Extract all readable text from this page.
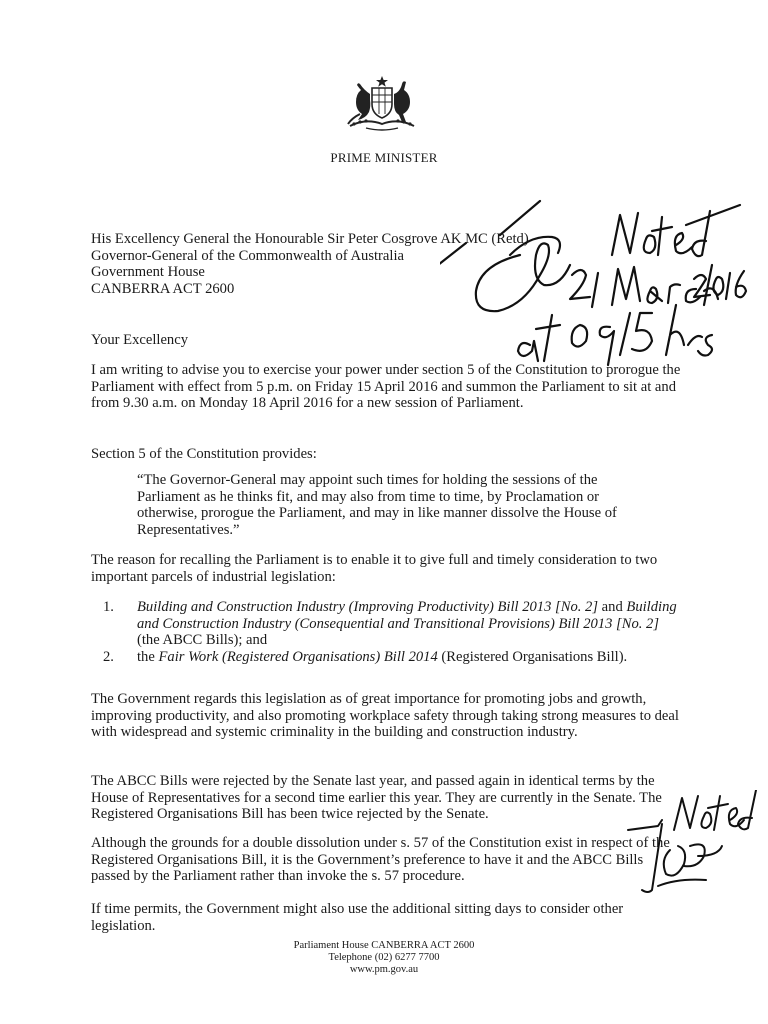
PRIME MINISTER
His Excellency General the Honourable Sir Peter Cosgrove AK MC (Retd)
Governor-General of the Commonwealth of Australia
Government House
CANBERRA ACT 2600
Your Excellency
I am writing to advise you to exercise your power under section 5 of the Constitution to prorogue the Parliament with effect from 5 p.m. on Friday 15 April 2016 and summon the Parliament to sit at and from 9.30 a.m. on Monday 18 April 2016 for a new session of Parliament.
Section 5 of the Constitution provides:
“The Governor-General may appoint such times for holding the sessions of the Parliament as he thinks fit, and may also from time to time, by Proclamation or otherwise, prorogue the Parliament, and may in like manner dissolve the House of Representatives.”
The reason for recalling the Parliament is to enable it to give full and timely consideration to two important parcels of industrial legislation:
1. Building and Construction Industry (Improving Productivity) Bill 2013 [No. 2] and Building and Construction Industry (Consequential and Transitional Provisions) Bill 2013 [No. 2] (the ABCC Bills); and
2. the Fair Work (Registered Organisations) Bill 2014 (Registered Organisations Bill).
The Government regards this legislation as of great importance for promoting jobs and growth, improving productivity, and also promoting workplace safety through taking strong measures to deal with widespread and systemic criminality in the building and construction industry.
The ABCC Bills were rejected by the Senate last year, and passed again in identical terms by the House of Representatives for a second time earlier this year. They are currently in the Senate. The Registered Organisations Bill has been twice rejected by the Senate.
Although the grounds for a double dissolution under s. 57 of the Constitution exist in respect of the Registered Organisations Bill, it is the Government’s preference to have it and the ABCC Bills passed by the Parliament rather than invoke the s. 57 procedure.
If time permits, the Government might also use the additional sitting days to consider other legislation.
Parliament House CANBERRA ACT 2600
Telephone (02) 6277 7700
www.pm.gov.au
